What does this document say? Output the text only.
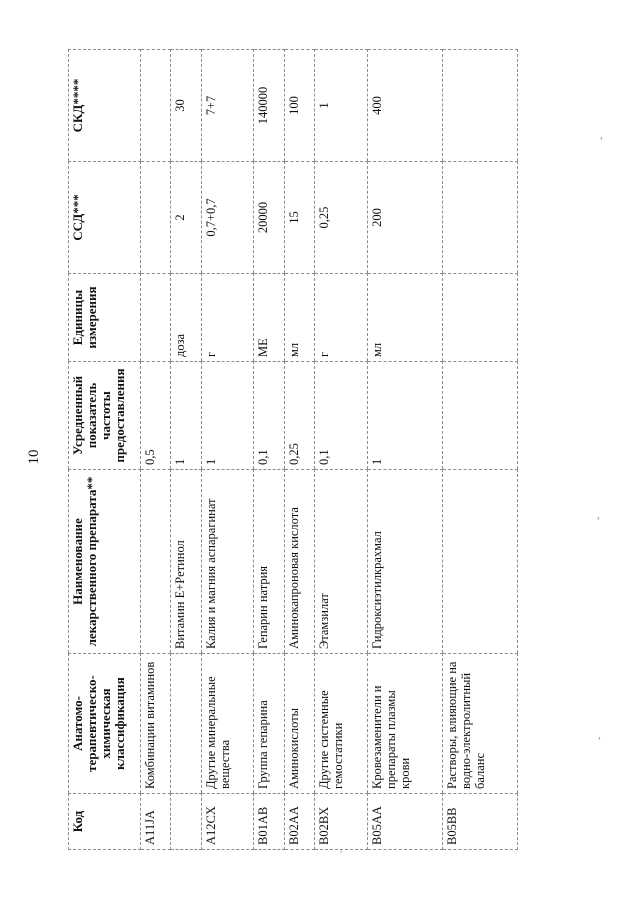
10
,
,
,
'
Код	Анатомо-терапевтическо-химическая классификация	Наименование лекарственного препарата**	Усредненный показатель частоты предоставления	Единицы измерения	ССД***	СКД****
A11JA	Комбинации витаминов		0,5			
		Витамин E+Ретинол	1	доза	2	30
A12CX	Другие минеральные вещества	Калия и магния аспарагинат	1	г	0,7+0,7	7+7
B01AB	Группа гепарина	Гепарин натрия	0,1	МЕ	20000	140000
B02AA	Аминокислоты	Аминокапроновая кислота	0,25	мл	15	100
B02BX	Другие системные гемостатики	Этамзилат	0,1	г	0,25	1
B05AA	Кровезаменители и препараты плазмы крови	Гидроксиэтилкрахмал	1	мл	200	400
B05BB	Растворы, влияющие на водно-электролитный баланс					
